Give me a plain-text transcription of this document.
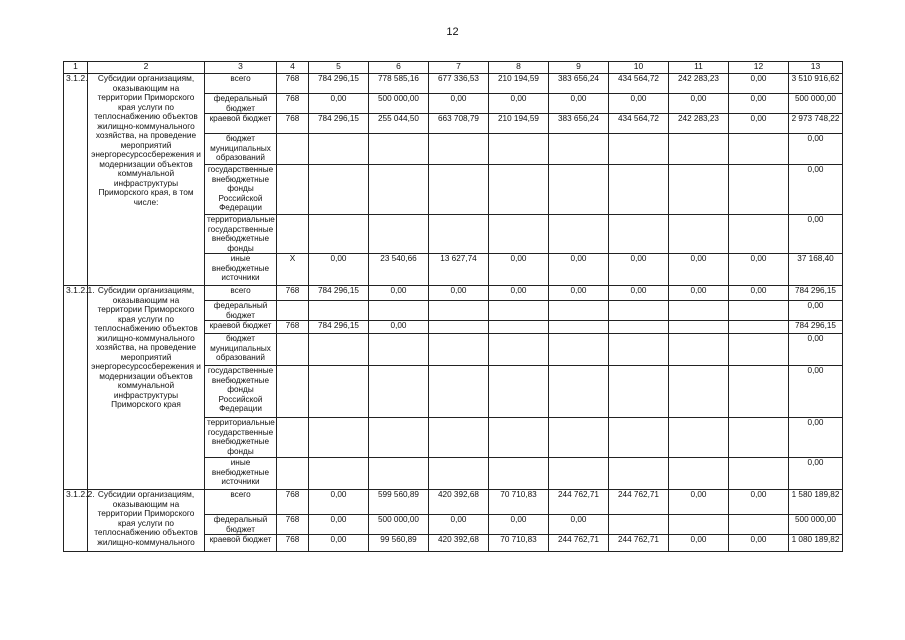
12
1	2	3	4	5	6	7	8	9	10	11	12	13
3.1.2.	Субсидии организациям, оказывающим на территории Приморского края услуги по теплоснабжению объектов жилищно-коммунального хозяйства, на проведение мероприятий энергоресурсосбережения и модернизации объектов коммунальной инфраструктуры Приморского края, в том числе:	всего	768	784 296,15	778 585,16	677 336,53	210 194,59	383 656,24	434 564,72	242 283,23	0,00	3 510 916,62
		федеральный бюджет	768	0,00	500 000,00	0,00	0,00	0,00	0,00	0,00	0,00	500 000,00
		краевой бюджет	768	784 296,15	255 044,50	663 708,79	210 194,59	383 656,24	434 564,72	242 283,23	0,00	2 973 748,22
		бюджет муниципальных образований										0,00
		государственные внебюджетные фонды Российской Федерации										0,00
		территориальные государственные внебюджетные фонды										0,00
		иные внебюджетные источники	X	0,00	23 540,66	13 627,74	0,00	0,00	0,00	0,00	0,00	37 168,40
3.1.2.1.	Субсидии организациям, оказывающим на территории Приморского края услуги по теплоснабжению объектов жилищно-коммунального хозяйства, на проведение мероприятий энергоресурсосбережения и модернизации объектов коммунальной инфраструктуры Приморского края	всего	768	784 296,15	0,00	0,00	0,00	0,00	0,00	0,00	0,00	784 296,15
		федеральный бюджет										0,00
		краевой бюджет	768	784 296,15	0,00							784 296,15
		бюджет муниципальных образований										0,00
		государственные внебюджетные фонды Российской Федерации										0,00
		территориальные государственные внебюджетные фонды										0,00
		иные внебюджетные источники										0,00
3.1.2.2.	Субсидии организациям, оказывающим на территории Приморского края услуги по теплоснабжению объектов жилищно-коммунального	всего	768	0,00	599 560,89	420 392,68	70 710,83	244 762,71	244 762,71	0,00	0,00	1 580 189,82
		федеральный бюджет	768	0,00	500 000,00	0,00	0,00	0,00				500 000,00
		краевой бюджет	768	0,00	99 560,89	420 392,68	70 710,83	244 762,71	244 762,71	0,00	0,00	1 080 189,82
